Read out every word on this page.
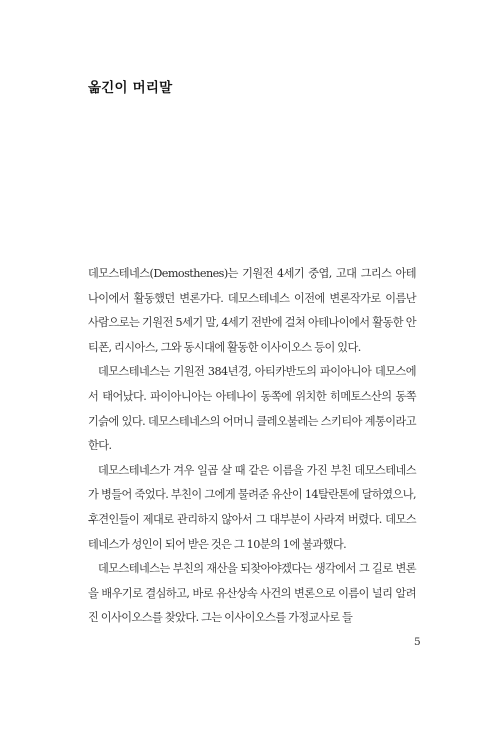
옮긴이 머리말

데모스테네스(Demosthenes)는 기원전 4세기 중엽, 고대 그리스 아테나이에서 활동했던 변론가다. 데모스테네스 이전에 변론작가로 이름난 사람으로는 기원전 5세기 말, 4세기 전반에 걸쳐 아테나이에서 활동한 안티폰, 리시아스, 그와 동시대에 활동한 이사이오스 등이 있다.

데모스테네스는 기원전 384년경, 아티카반도의 파이아니아 데모스에서 태어났다. 파이아니아는 아테나이 동쪽에 위치한 히메토스산의 동쪽 기슭에 있다. 데모스테네스의 어머니 클레오불레는 스키티아 계통이라고 한다.

데모스테네스가 겨우 일곱 살 때 같은 이름을 가진 부친 데모스테네스가 병들어 죽었다. 부친이 그에게 물려준 유산이 14탈란톤에 달하였으나, 후견인들이 제대로 관리하지 않아서 그 대부분이 사라져 버렸다. 데모스테네스가 성인이 되어 받은 것은 그 10분의 1에 불과했다.

데모스테네스는 부친의 재산을 되찾아야겠다는 생각에서 그 길로 변론을 배우기로 결심하고, 바로 유산상속 사건의 변론으로 이름이 널리 알려진 이사이오스를 찾았다. 그는 이사이오스를 가정교사로 들

5
